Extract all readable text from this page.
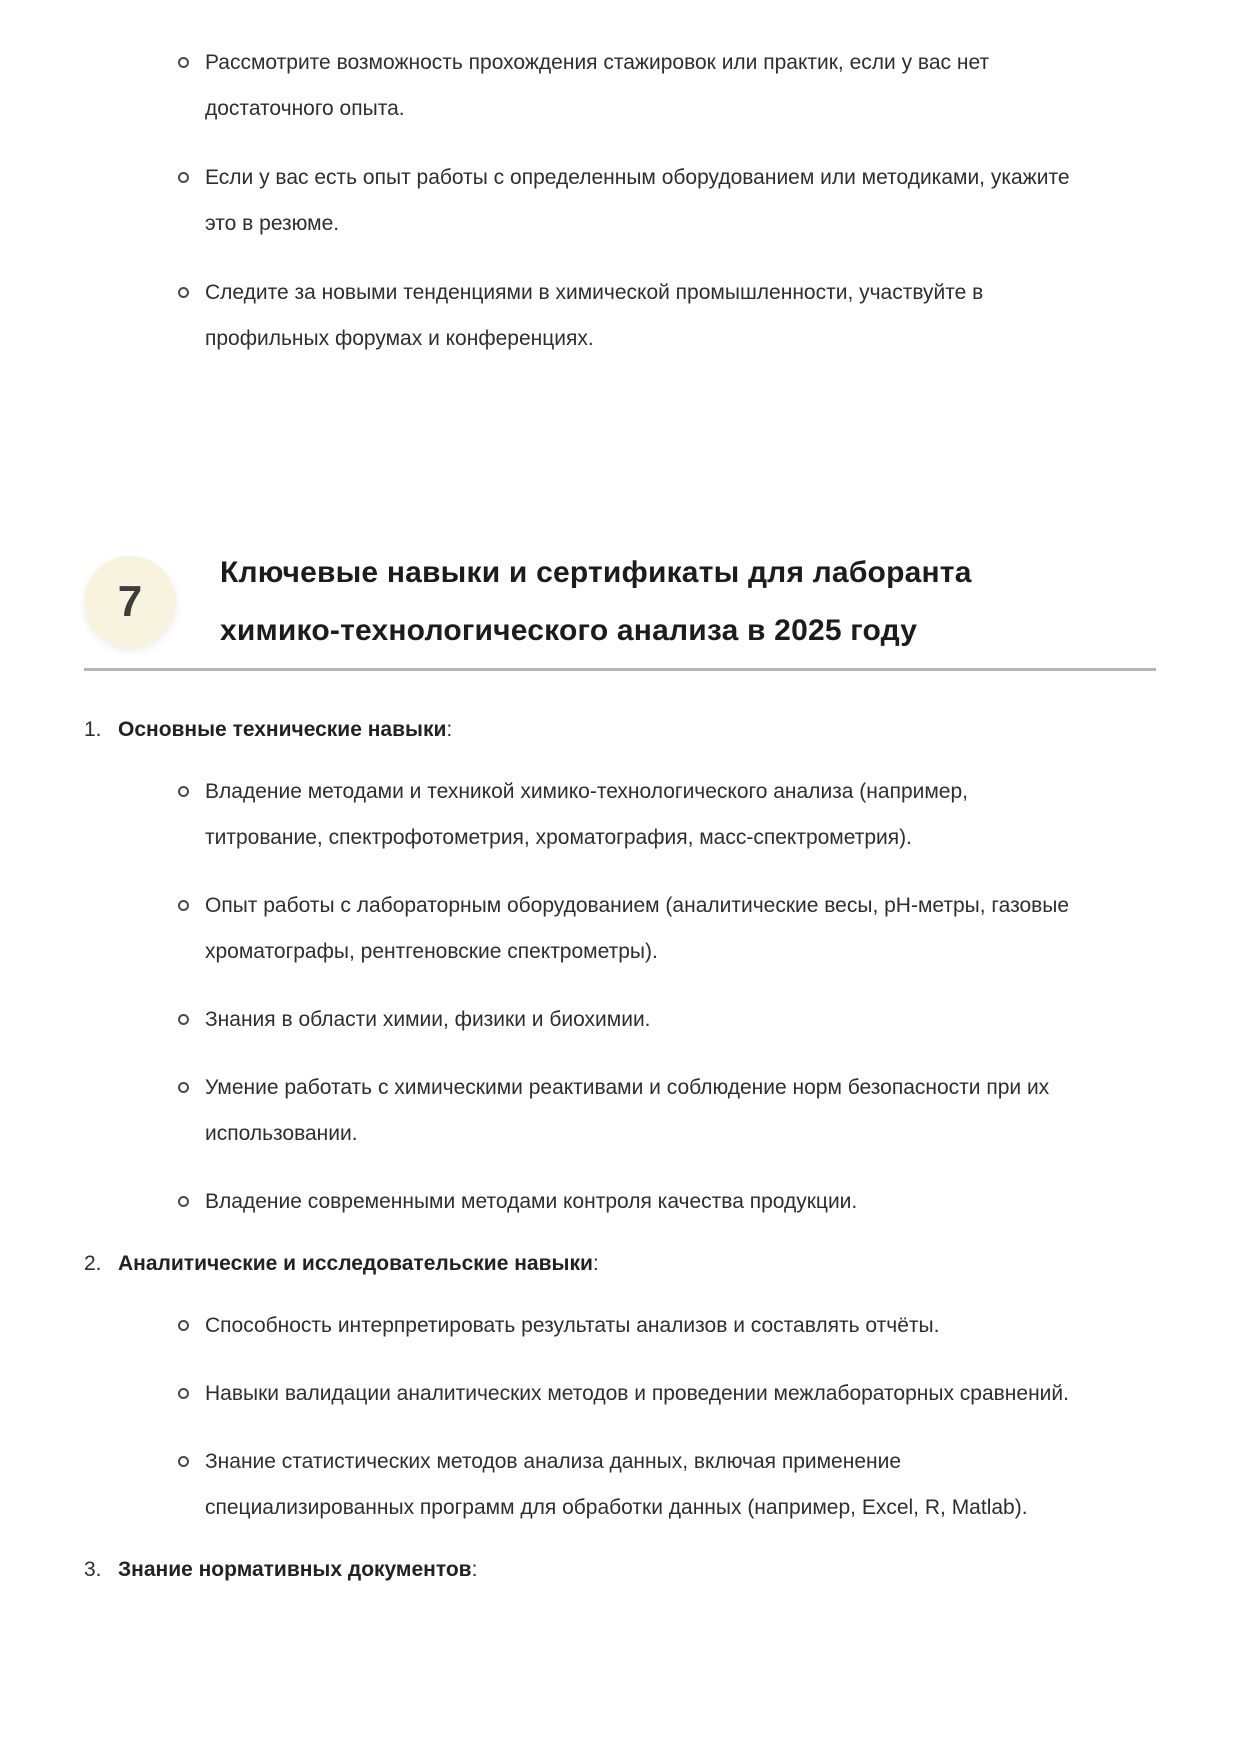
Рассмотрите возможность прохождения стажировок или практик, если у вас нет достаточного опыта.
Если у вас есть опыт работы с определенным оборудованием или методиками, укажите это в резюме.
Следите за новыми тенденциями в химической промышленности, участвуйте в профильных форумах и конференциях.
7
Ключевые навыки и сертификаты для лаборанта химико-технологического анализа в 2025 году

1. Основные технические навыки:

Владение методами и техникой химико-технологического анализа (например, титрование, спектрофотометрия, хроматография, масс-спектрометрия).
Опыт работы с лабораторным оборудованием (аналитические весы, pH-метры, газовые хроматографы, рентгеновские спектрометры).
Знания в области химии, физики и биохимии.
Умение работать с химическими реактивами и соблюдение норм безопасности при их использовании.
Владение современными методами контроля качества продукции.

2. Аналитические и исследовательские навыки:

Способность интерпретировать результаты анализов и составлять отчёты.
Навыки валидации аналитических методов и проведении межлабораторных сравнений.
Знание статистических методов анализа данных, включая применение специализированных программ для обработки данных (например, Excel, R, Matlab).

3. Знание нормативных документов:
